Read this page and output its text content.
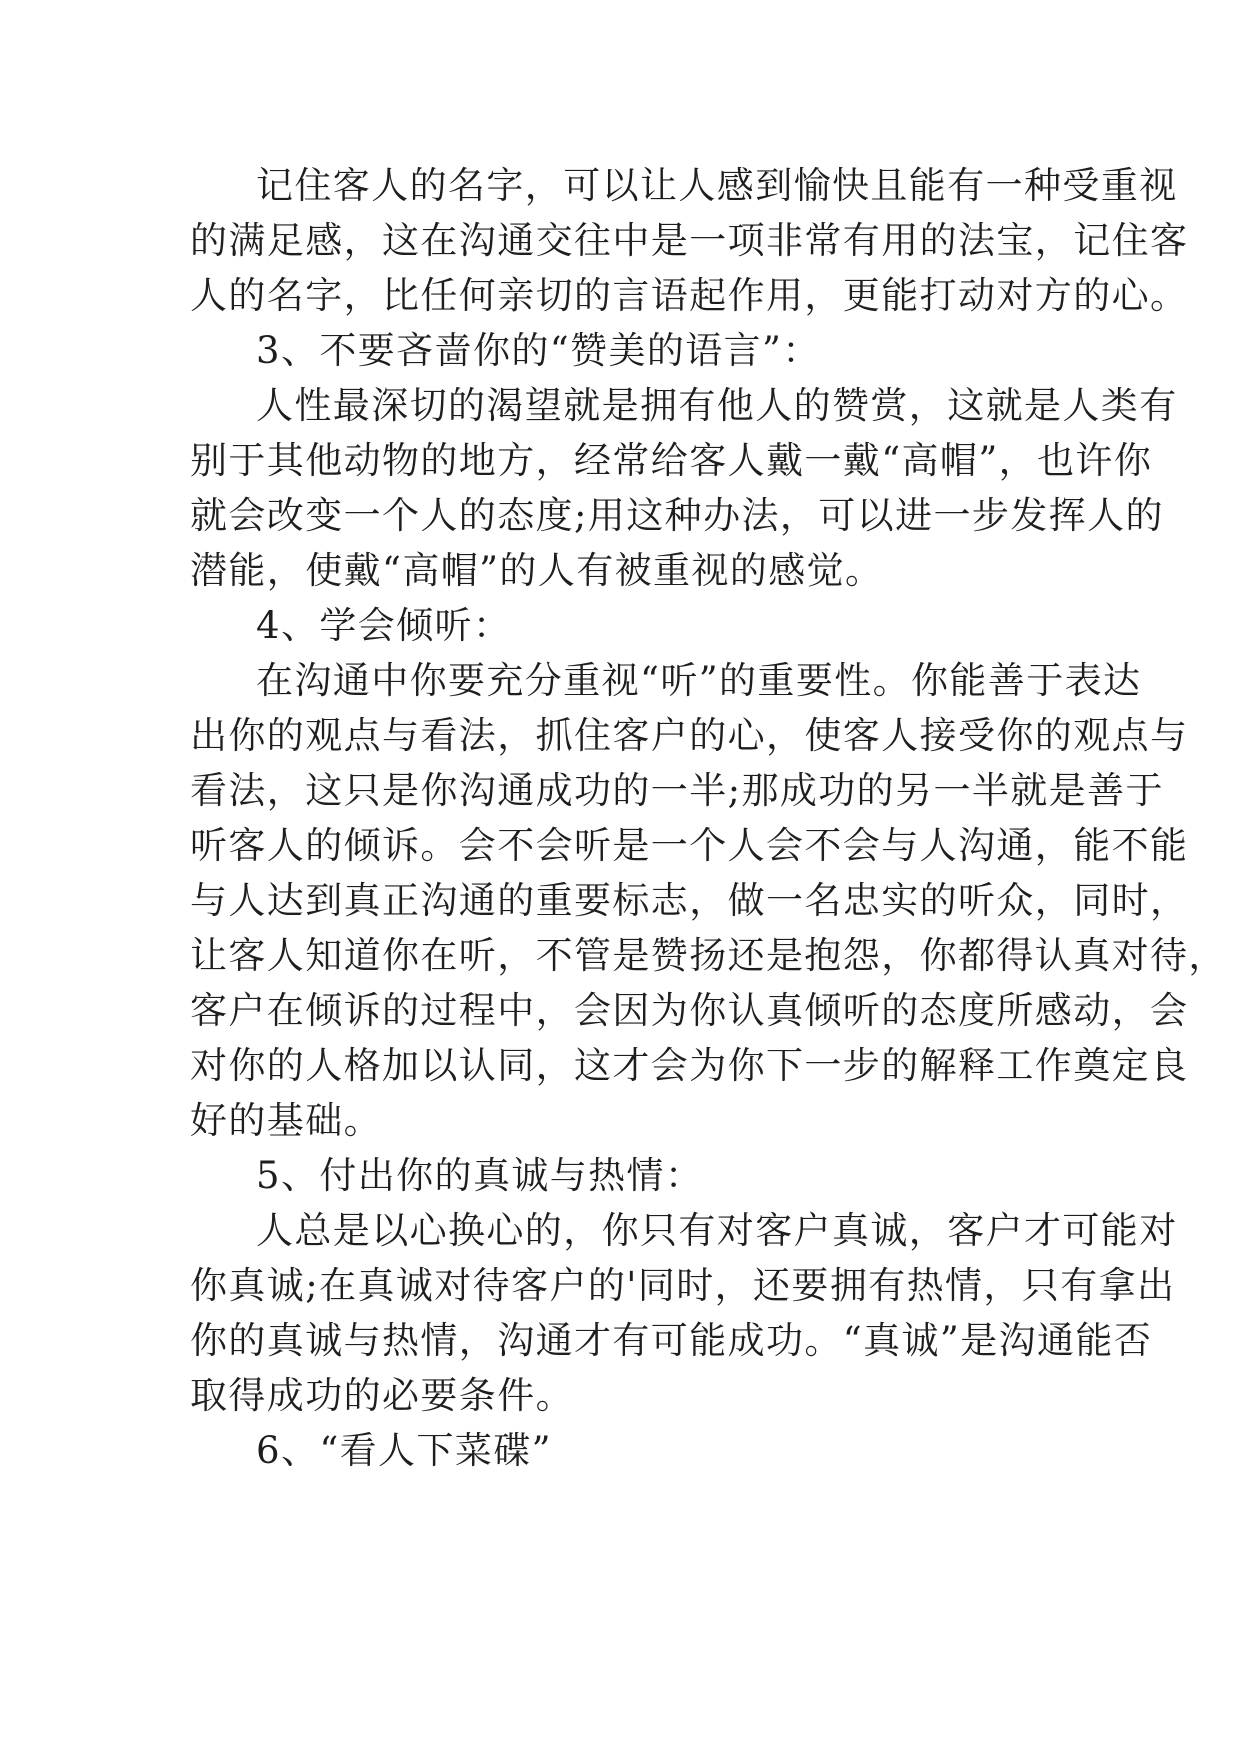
记住客人的名字，可以让人感到愉快且能有一种受重视
的满足感，这在沟通交往中是一项非常有用的法宝，记住客
人的名字，比任何亲切的言语起作用，更能打动对方的心。
3、不要吝啬你的“赞美的语言”：
人性最深切的渴望就是拥有他人的赞赏，这就是人类有
别于其他动物的地方，经常给客人戴一戴“高帽”，也许你
就会改变一个人的态度;用这种办法，可以进一步发挥人的
潜能，使戴“高帽”的人有被重视的感觉。
4、学会倾听：
在沟通中你要充分重视“听”的重要性。你能善于表达
出你的观点与看法，抓住客户的心，使客人接受你的观点与
看法，这只是你沟通成功的一半;那成功的另一半就是善于
听客人的倾诉。会不会听是一个人会不会与人沟通，能不能
与人达到真正沟通的重要标志，做一名忠实的听众，同时，
让客人知道你在听，不管是赞扬还是抱怨，你都得认真对待，
客户在倾诉的过程中，会因为你认真倾听的态度所感动，会
对你的人格加以认同，这才会为你下一步的解释工作奠定良
好的基础。
5、付出你的真诚与热情：
人总是以心换心的，你只有对客户真诚，客户才可能对
你真诚;在真诚对待客户的'同时，还要拥有热情，只有拿出
你的真诚与热情，沟通才有可能成功。“真诚”是沟通能否
取得成功的必要条件。
6、“看人下菜碟”
